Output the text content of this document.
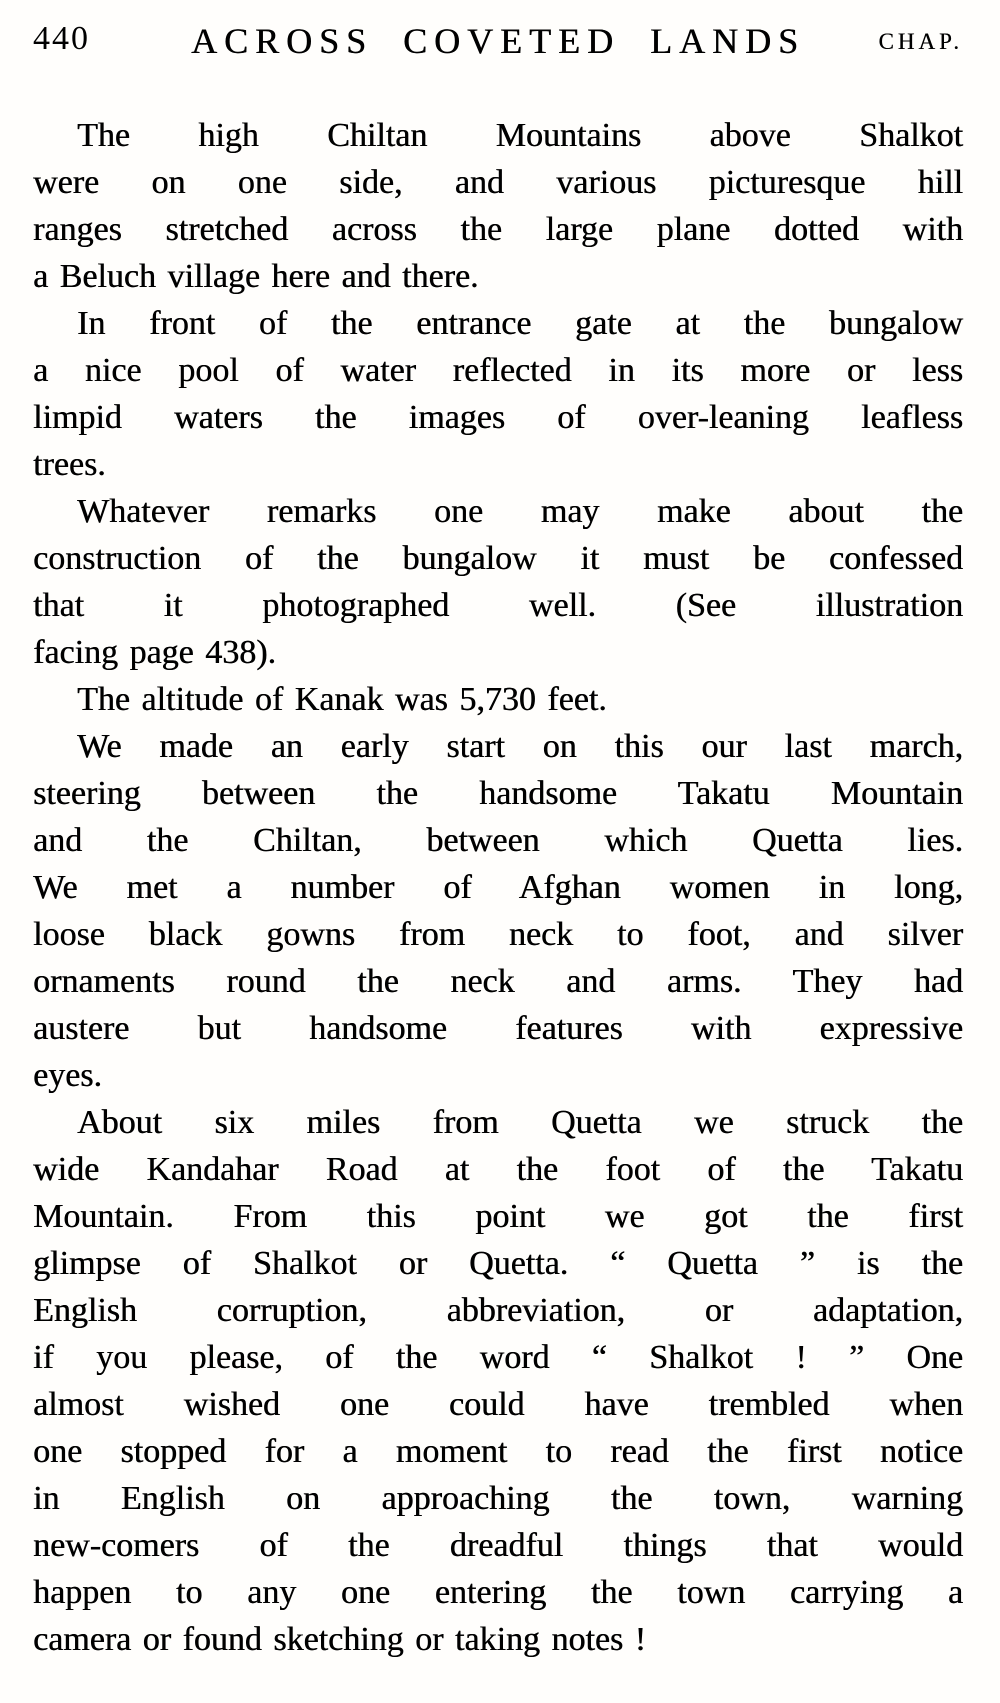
440	ACROSS COVETED LANDS	CHAP.
The high Chiltan Mountains above Shalkot
were on one side, and various picturesque hill
ranges stretched across the large plane dotted with
a Beluch village here and there.
In front of the entrance gate at the bungalow
a nice pool of water reflected in its more or less
limpid waters the images of over-leaning leafless
trees.
Whatever remarks one may make about the
construction of the bungalow it must be confessed
that it photographed well. (See illustration
facing page 438).
The altitude of Kanak was 5,730 feet.
We made an early start on this our last march,
steering between the handsome Takatu Mountain
and the Chiltan, between which Quetta lies.
We met a number of Afghan women in long,
loose black gowns from neck to foot, and silver
ornaments round the neck and arms. They had
austere but handsome features with expressive
eyes.
About six miles from Quetta we struck the
wide Kandahar Road at the foot of the Takatu
Mountain. From this point we got the first
glimpse of Shalkot or Quetta. “ Quetta ” is the
English corruption, abbreviation, or adaptation,
if you please, of the word “ Shalkot ! ” One
almost wished one could have trembled when
one stopped for a moment to read the first notice
in English on approaching the town, warning
new-comers of the dreadful things that would
happen to any one entering the town carrying a
camera or found sketching or taking notes !
